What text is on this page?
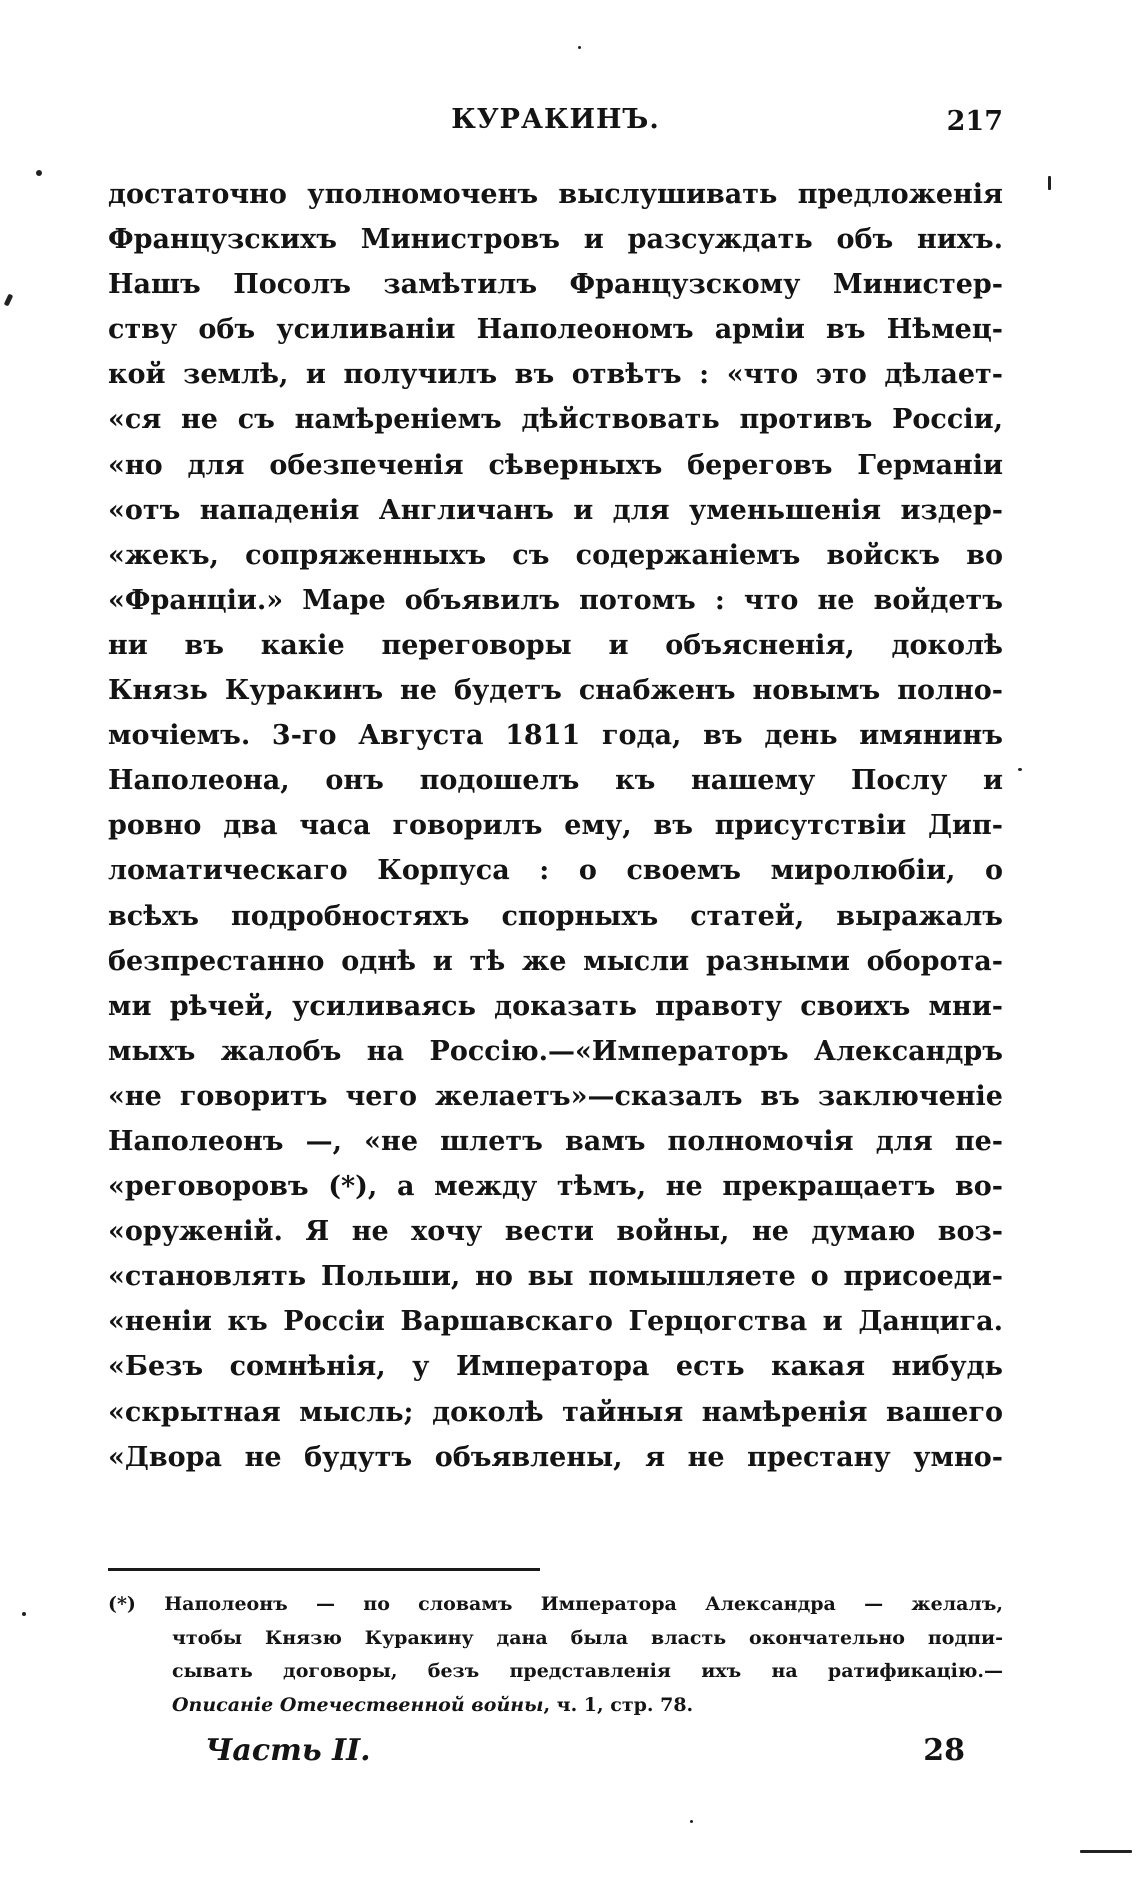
КУРАКИНЪ.	217
достаточно уполномоченъ выслушивать предложенія
Французскихъ Министровъ и разсуждать объ нихъ.
Нашъ Посолъ замѣтилъ Французскому Министер-
ству объ усиливаніи Наполеономъ арміи въ Нѣмец-
кой землѣ, и получилъ въ отвѣтъ : «что это дѣлает-
«ся не съ намѣреніемъ дѣйствовать противъ Россіи,
«но для обезпеченія сѣверныхъ береговъ Германіи
«отъ нападенія Англичанъ и для уменьшенія издер-
«жекъ, сопряженныхъ съ содержаніемъ войскъ во
«Франціи.» Маре объявилъ потомъ : что не войдетъ
ни въ какіе переговоры и объясненія, доколѣ
Князь Куракинъ не будетъ снабженъ новымъ полно-
мочіемъ. 3-го Августа 1811 года, въ день имянинъ
Наполеона, онъ подошелъ къ нашему Послу и
ровно два часа говорилъ ему, въ присутствіи Дип-
ломатическаго Корпуса : о своемъ миролюбіи, о
всѣхъ подробностяхъ спорныхъ статей, выражалъ
безпрестанно однѣ и тѣ же мысли разными оборота-
ми рѣчей, усиливаясь доказать правоту своихъ мни-
мыхъ жалобъ на Россію.—«Императоръ Александръ
«не говоритъ чего желаетъ»—сказалъ въ заключеніе
Наполеонъ —, «не шлетъ вамъ полномочія для пе-
«реговоровъ (*), а между тѣмъ, не прекращаетъ во-
«оруженій. Я не хочу вести войны, не думаю воз-
«становлять Польши, но вы помышляете о присоеди-
«неніи къ Россіи Варшавскаго Герцогства и Данцига.
«Безъ сомнѣнія, у Императора есть какая нибудь
«скрытная мысль; доколѣ тайныя намѣренія вашего
«Двора не будутъ объявлены, я не престану умно-
(*) Наполеонъ — по словамъ Императора Александра — желалъ,
чтобы Князю Куракину дана была власть окончательно подпи-
сывать договоры, безъ представленія ихъ на ратификацію.—
Описаніе Отечественной войны, ч. 1, стр. 78.
Часть II.	28
